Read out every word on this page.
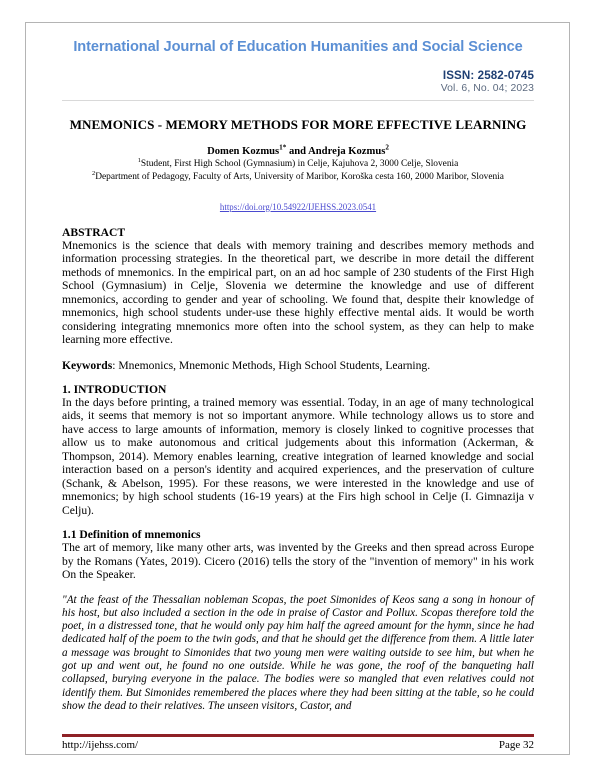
International Journal of Education Humanities and Social Science
ISSN: 2582-0745
Vol. 6, No. 04; 2023
MNEMONICS - MEMORY METHODS FOR MORE EFFECTIVE LEARNING
Domen Kozmus$^{1*}$ and Andreja Kozmus$^2$
$^1$Student, First High School (Gymnasium) in Celje, Kajuhova 2, 3000 Celje, Slovenia
$^2$Department of Pedagogy, Faculty of Arts, University of Maribor, Koroška cesta 160, 2000 Maribor, Slovenia
https://doi.org/10.54922/IJEHSS.2023.0541
ABSTRACT

Mnemonics is the science that deals with memory training and describes memory methods and information processing strategies. In the theoretical part, we describe in more detail the different methods of mnemonics. In the empirical part, on an ad hoc sample of 230 students of the First High School (Gymnasium) in Celje, Slovenia we determine the knowledge and use of different mnemonics, according to gender and year of schooling. We found that, despite their knowledge of mnemonics, high school students under-use these highly effective mental aids. It would be worth considering integrating mnemonics more often into the school system, as they can help to make learning more effective.

Keywords: Mnemonics, Mnemonic Methods, High School Students, Learning.
1. INTRODUCTION

In the days before printing, a trained memory was essential. Today, in an age of many technological aids, it seems that memory is not so important anymore. While technology allows us to store and have access to large amounts of information, memory is closely linked to cognitive processes that allow us to make autonomous and critical judgements about this information (Ackerman, & Thompson, 2014). Memory enables learning, creative integration of learned knowledge and social interaction based on a person's identity and acquired experiences, and the preservation of culture (Schank, & Abelson, 1995). For these reasons, we were interested in the knowledge and use of mnemonics; by high school students (16-19 years) at the Firs high school in Celje (I. Gimnazija v Celju).

1.1 Definition of mnemonics

The art of memory, like many other arts, was invented by the Greeks and then spread across Europe by the Romans (Yates, 2019). Cicero (2016) tells the story of the "invention of memory" in his work On the Speaker.

"At the feast of the Thessalian nobleman Scopas, the poet Simonides of Keos sang a song in honour of his host, but also included a section in the ode in praise of Castor and Pollux. Scopas therefore told the poet, in a distressed tone, that he would only pay him half the agreed amount for the hymn, since he had dedicated half of the poem to the twin gods, and that he should get the difference from them. A little later a message was brought to Simonides that two young men were waiting outside to see him, but when he got up and went out, he found no one outside. While he was gone, the roof of the banqueting hall collapsed, burying everyone in the palace. The bodies were so mangled that even relatives could not identify them. But Simonides remembered the places where they had been sitting at the table, so he could show the dead to their relatives. The unseen visitors, Castor, and

http://ijehss.com/	Page 32
